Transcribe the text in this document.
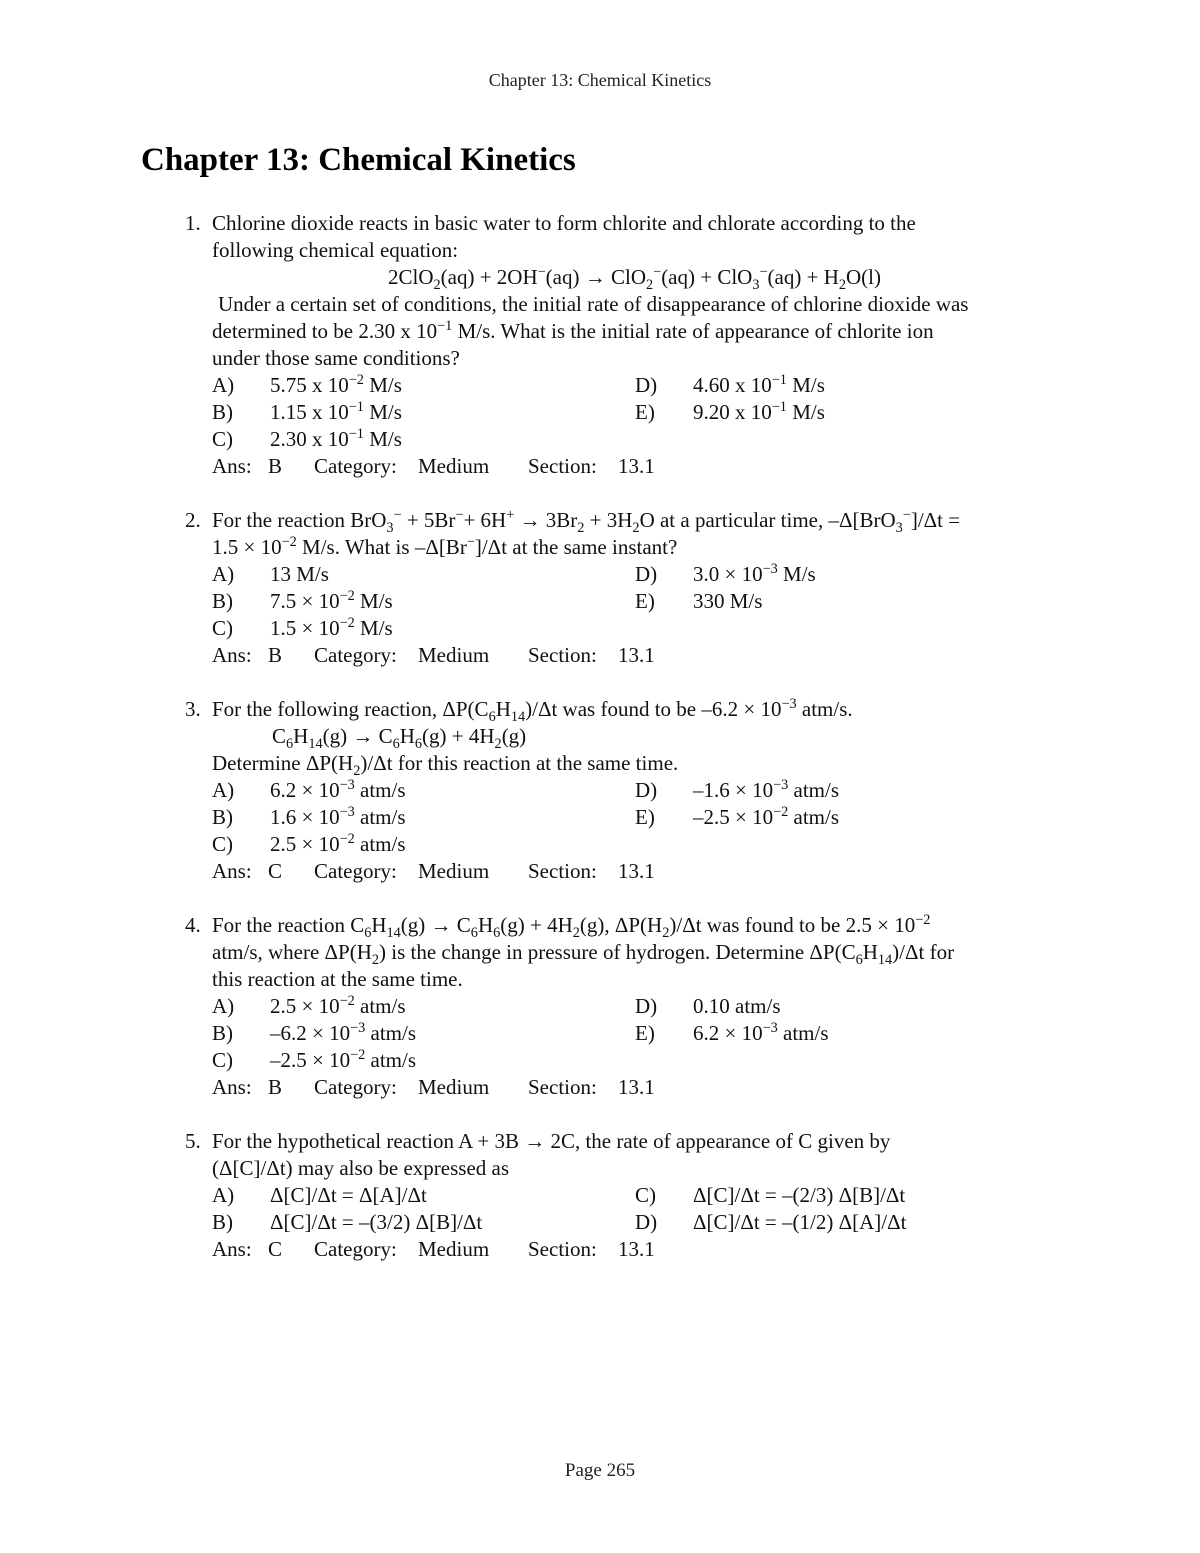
Chapter 13: Chemical Kinetics
Chapter 13: Chemical Kinetics
1. Chlorine dioxide reacts in basic water to form chlorite and chlorate according to the
following chemical equation:
$2ClO_2(aq) + 2OH^-(aq) \to ClO_2^-(aq) + ClO_3^-(aq) + H_2O(l)$
Under a certain set of conditions, the initial rate of disappearance of chlorine dioxide was
determined to be 2.30 x $10^{-1}$ M/s. What is the initial rate of appearance of chlorite ion
under those same conditions?
A) 5.75 x $10^{-2}$ M/s	D) 4.60 x $10^{-1}$ M/s
B) 1.15 x $10^{-1}$ M/s	E) 9.20 x $10^{-1}$ M/s
C) 2.30 x $10^{-1}$ M/s
Ans: B Category: Medium Section: 13.1
2. For the reaction $BrO_3^- + 5Br^-+ 6H^+ \to 3Br_2 + 3H_2O$ at a particular time, –Δ[BrO$_3$−]/Δt =
$1.5 \times 10^{-2}$ M/s. What is –Δ[Br−]/Δt at the same instant?
A) 13 M/s	D) $3.0 \times 10^{-3}$ M/s
B) $7.5 \times 10^{-2}$ M/s	E) 330 M/s
C) $1.5 \times 10^{-2}$ M/s
Ans: B Category: Medium Section: 13.1
3. For the following reaction, $\Delta P(C_6H_{14})/\Delta t$ was found to be $-6.2 \times 10^{-3}$ atm/s.
$C_6H_{14}(g) \to C_6H_6(g) + 4H_2(g)$
Determine $\Delta P(H_2)/\Delta t$ for this reaction at the same time.
A) $6.2 \times 10^{-3}$ atm/s	D) $-1.6 \times 10^{-3}$ atm/s
B) $1.6 \times 10^{-3}$ atm/s	E) $-2.5 \times 10^{-2}$ atm/s
C) $2.5 \times 10^{-2}$ atm/s
Ans: C Category: Medium Section: 13.1
4. For the reaction $C_6H_{14}(g) \to C_6H_6(g) + 4H_2(g)$, $\Delta P(H_2)/\Delta t$ was found to be $2.5 \times 10^{-2}$
atm/s, where $\Delta P(H_2)$ is the change in pressure of hydrogen. Determine $\Delta P(C_6H_{14})/\Delta t$ for
this reaction at the same time.
A) $2.5 \times 10^{-2}$ atm/s	D) 0.10 atm/s
B) $-6.2 \times 10^{-3}$ atm/s	E) $6.2 \times 10^{-3}$ atm/s
C) $-2.5 \times 10^{-2}$ atm/s
Ans: B Category: Medium Section: 13.1
5. For the hypothetical reaction A + 3B → 2C, the rate of appearance of C given by
(Δ[C]/Δt) may also be expressed as
A) Δ[C]/Δt = Δ[A]/Δt	C) Δ[C]/Δt = –(2/3) Δ[B]/Δt
B) Δ[C]/Δt = –(3/2) Δ[B]/Δt	D) Δ[C]/Δt = –(1/2) Δ[A]/Δt
Ans: C Category: Medium Section: 13.1
Page 265
